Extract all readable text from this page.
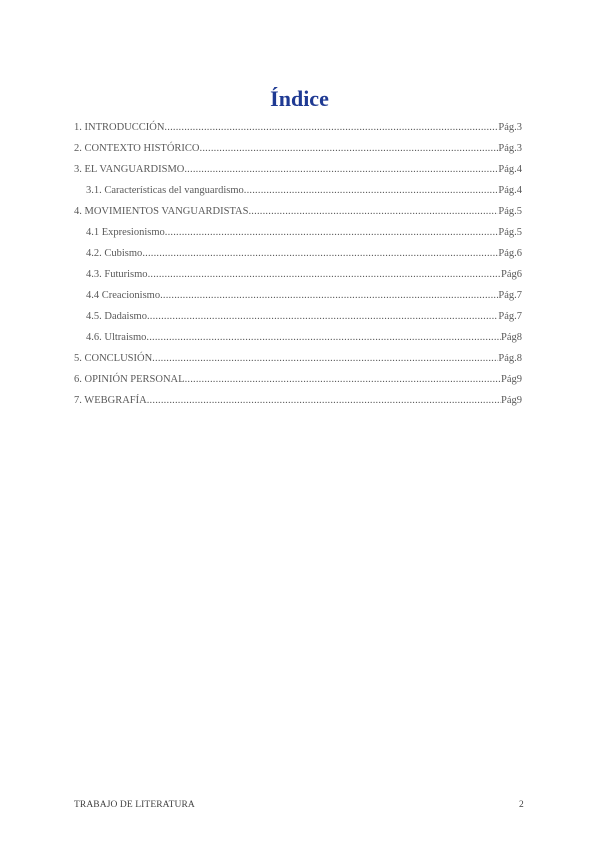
Índice
1. INTRODUCCIÓN .....	Pág.3
2. CONTEXTO HISTÓRICO .....	Pág.3
3. EL VANGUARDISMO .....	Pág.4
3.1. Características del vanguardismo .....	Pág.4
4. MOVIMIENTOS VANGUARDISTAS .....	Pág.5
4.1 Expresionismo .....	Pág.5
4.2. Cubismo .....	Pág.6
4.3. Futurismo .....	Pág6
4.4 Creacionismo .....	Pág.7
4.5. Dadaismo .....	Pág.7
4.6. Ultraismo .....	Pág8
5. CONCLUSIÓN .....	Pág.8
6. OPINIÓN PERSONAL .....	Pág9
7. WEBGRAFÍA .....	Pág9
TRABAJO DE LITERATURA	2
